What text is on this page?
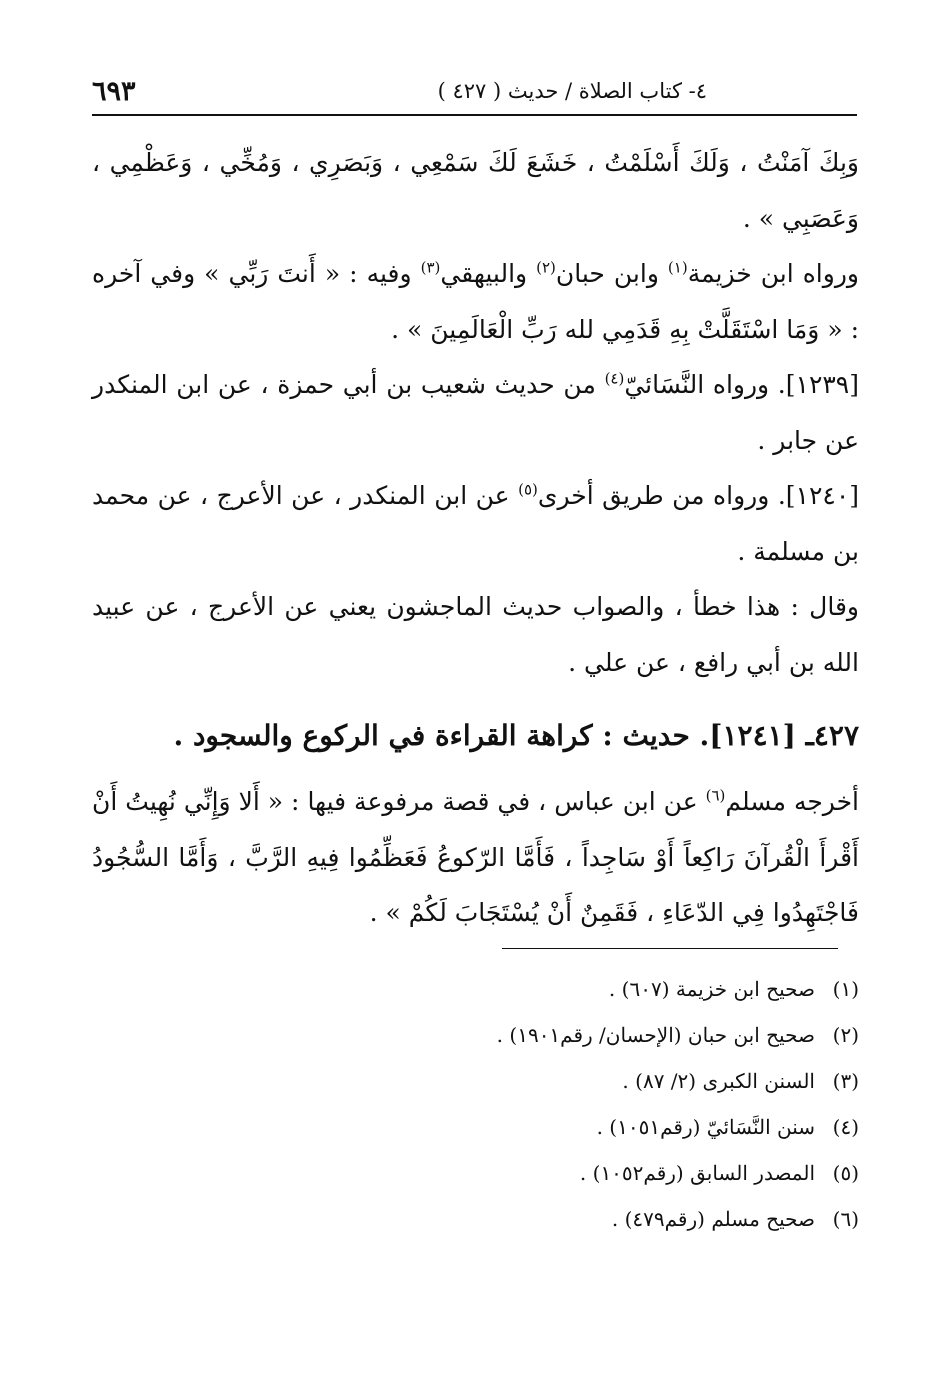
٤- كتاب الصلاة / حديث ( ٤٢٧ )
٦٩٣

وَبِكَ آمَنْتُ ، وَلَكَ أَسْلَمْتُ ، خَشَعَ لَكَ سَمْعِي ، وَبَصَرِي ، وَمُخِّي ، وَعَظْمِي ، وَعَصَبِي » .

ورواه ابن خزيمة$^{(١)}$ وابن حبان$^{(٢)}$ والبيهقي$^{(٣)}$ وفيه : « أَنتَ رَبِّي » وفي آخره : « وَمَا اسْتَقَلَّتْ بِهِ قَدَمِي لله رَبِّ الْعَالَمِينَ » .

[١٢٣٩]. ورواه النَّسَائيّ$^{(٤)}$ من حديث شعيب بن أبي حمزة ، عن ابن المنكدر عن جابر .

[١٢٤٠]. ورواه من طريق أخرى$^{(٥)}$ عن ابن المنكدر ، عن الأعرج ، عن محمد بن مسلمة .

وقال : هذا خطأ ، والصواب حديث الماجشون يعني عن الأعرج ، عن عبيد الله بن أبي رافع ، عن علي .

٤٢٧ـ [١٢٤١]. حديث : كراهة القراءة في الركوع والسجود .

أخرجه مسلم$^{(٦)}$ عن ابن عباس ، في قصة مرفوعة فيها : « أَلا وَإِنِّي نُهِيتُ أَنْ أَقْرأَ الْقُرآنَ رَاكِعاً أَوْ سَاجِداً ، فَأَمَّا الرّكوعُ فَعَظِّمُوا فِيهِ الرَّبَّ ، وَأَمَّا السُّجُودُ فَاجْتَهِدُوا فِي الدّعَاءِ ، فَقَمِنٌ أَنْ يُسْتَجَابَ لَكُمْ » .

(١)
صحيح ابن خزيمة (٦٠٧) .
(٢)
صحيح ابن حبان (الإحسان/ رقم١٩٠١) .
(٣)
السنن الكبرى (٢/ ٨٧) .
(٤)
سنن النَّسَائيّ (رقم١٠٥١) .
(٥)
المصدر السابق (رقم١٠٥٢) .
(٦)
صحيح مسلم (رقم٤٧٩) .
